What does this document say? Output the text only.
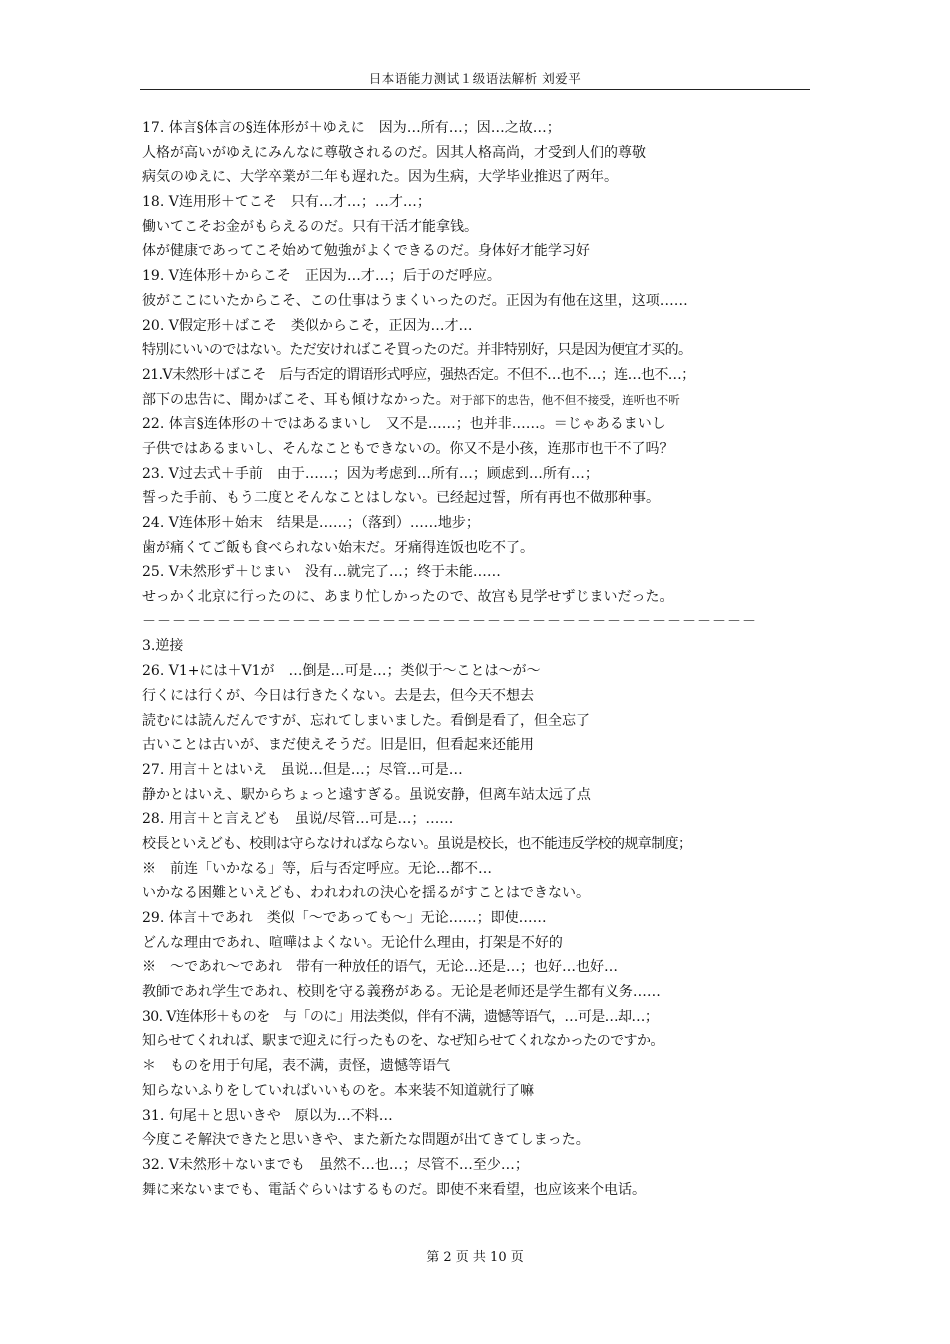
日本语能力测试１级语法解析 刘爱平
17. 体言§体言の§连体形が＋ゆえに　因为…所有…；因…之故…；
人格が高いがゆえにみんなに尊敬されるのだ。因其人格高尚，才受到人们的尊敬
病気のゆえに、大学卒業が二年も遅れた。因为生病，大学毕业推迟了两年。
18. V连用形＋てこそ　只有…才…；…才…；
働いてこそお金がもらえるのだ。只有干活才能拿钱。
体が健康であってこそ始めて勉強がよくできるのだ。身体好才能学习好
19. V连体形＋からこそ　正因为…才…；后于のだ呼应。
彼がここにいたからこそ、この仕事はうまくいったのだ。正因为有他在这里，这项……
20. V假定形＋ばこそ　类似からこそ，正因为…才…
特別にいいのではない。ただ安ければこそ買ったのだ。并非特别好，只是因为便宜才买的。
21.V未然形＋ばこそ　后与否定的谓语形式呼应，强热否定。不但不…也不…；连…也不…；
部下の忠告に、聞かばこそ、耳も傾けなかった。对于部下的忠告，他不但不接受，连听也不听
22. 体言§连体形の＋ではあるまいし　又不是……；也并非……。＝じゃあるまいし
子供ではあるまいし、そんなこともできないの。你又不是小孩，连那市也干不了吗？
23. V过去式＋手前　由于……；因为考虑到…所有…；顾虑到…所有…；
誓った手前、もう二度とそんなことはしない。已经起过誓，所有再也不做那种事。
24. V连体形＋始末　结果是……；（落到）……地步；
歯が痛くてご飯も食べられない始末だ。牙痛得连饭也吃不了。
25. V未然形ず＋じまい　没有…就完了…；终于未能……
せっかく北京に行ったのに、あまり忙しかったので、故宫も見学せずじまいだった。
－－－－－－－－－－－－－－－－－－－－－－－－－－－－－－－－－－－－－－－－－
3.逆接
26. V1+には＋V1が　…倒是…可是…；类似于～ことは～が～
行くには行くが、今日は行きたくない。去是去，但今天不想去
読むには読んだんですが、忘れてしまいました。看倒是看了，但全忘了
古いことは古いが、まだ使えそうだ。旧是旧，但看起来还能用
27. 用言＋とはいえ　虽说…但是…；尽管…可是…
静かとはいえ、駅からちょっと遠すぎる。虽说安静，但离车站太远了点
28. 用言＋と言えども　虽说/尽管…可是…；……
校長といえども、校則は守らなければならない。虽说是校长，也不能违反学校的规章制度；
※　前连「いかなる」等，后与否定呼应。无论…都不…
いかなる困難といえども、われわれの決心を揺るがすことはできない。
29. 体言＋であれ　类似「～であっても～」无论……；即使……
どんな理由であれ、喧嘩はよくない。无论什么理由，打架是不好的
※　～であれ～であれ　带有一种放任的语气，无论…还是…；也好…也好…
教師であれ学生であれ、校則を守る義務がある。无论是老师还是学生都有义务……
30. V连体形＋ものを　与「のに」用法类似，伴有不满，遗憾等语气，…可是…却…；
知らせてくれれば、駅まで迎えに行ったものを、なぜ知らせてくれなかったのですか。
＊　ものを用于句尾，表不满，责怪，遗憾等语气
知らないふりをしていればいいものを。本来装不知道就行了嘛
31. 句尾＋と思いきや　原以为…不料…
今度こそ解決できたと思いきや、また新たな問題が出てきてしまった。
32. V未然形＋ないまでも　虽然不…也…；尽管不…至少…；
舞に来ないまでも、電話ぐらいはするものだ。即使不来看望，也应该来个电话。
第 2 页 共 10 页
